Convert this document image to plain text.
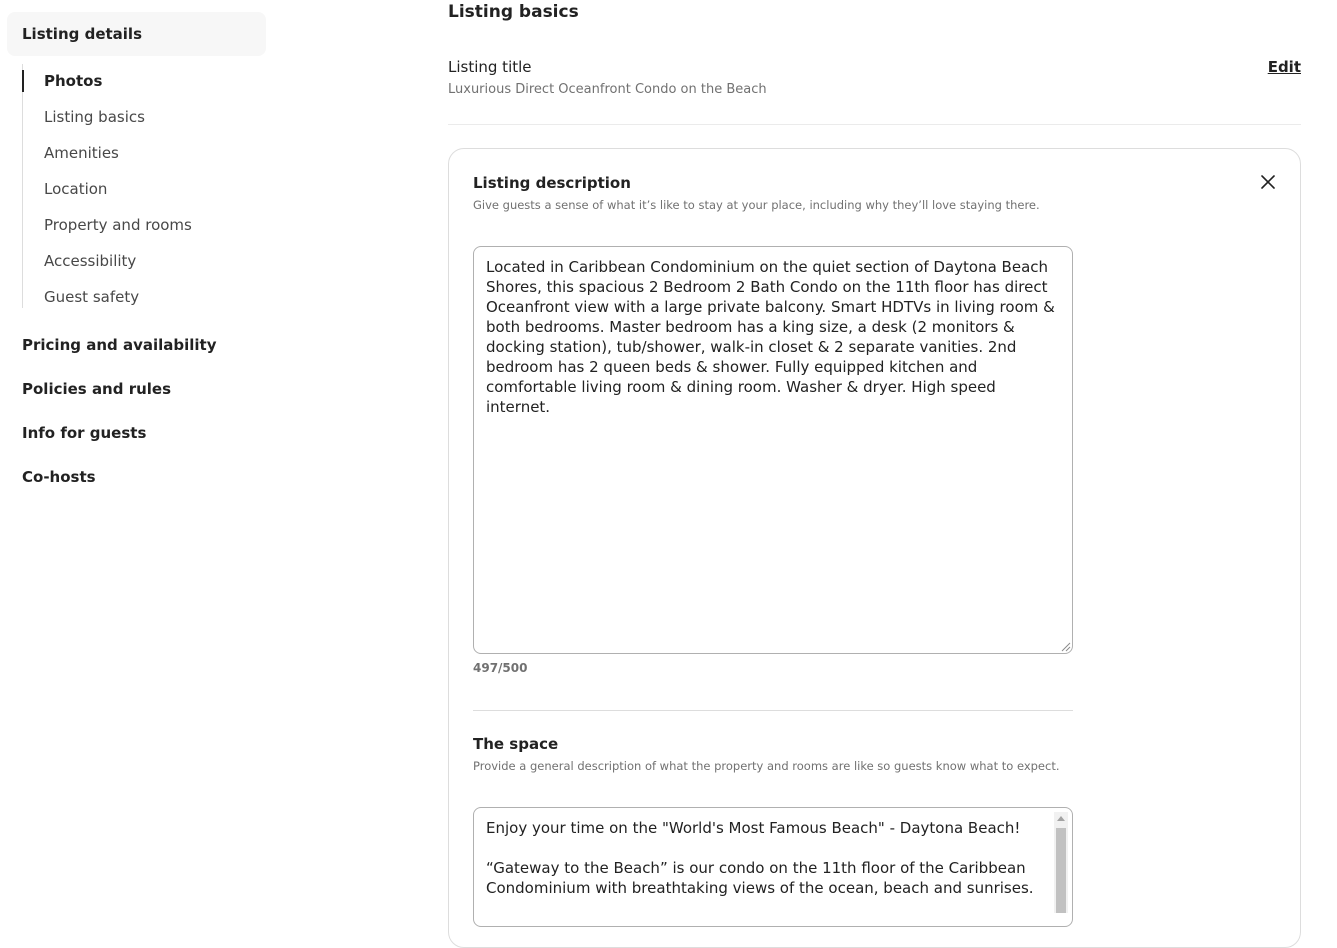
Listing details
Photos
Listing basics
Amenities
Location
Property and rooms
Accessibility
Guest safety
Pricing and availability
Policies and rules
Info for guests
Co-hosts
Listing basics
Listing title
Luxurious Direct Oceanfront Condo on the Beach
Edit
Listing description
Give guests a sense of what it’s like to stay at your place, including why they’ll love staying there.
Located in Caribbean Condominium on the quiet section of Daytona Beach Shores, this spacious 2 Bedroom 2 Bath Condo on the 11th floor has direct Oceanfront view with a large private balcony. Smart HDTVs in living room & both bedrooms. Master bedroom has a king size, a desk (2 monitors & docking station), tub/shower, walk-in closet & 2 separate vanities. 2nd bedroom has 2 queen beds & shower. Fully equipped kitchen and comfortable living room & dining room. Washer & dryer. High speed internet.
497/500
The space
Provide a general description of what the property and rooms are like so guests know what to expect.
Enjoy your time on the "World's Most Famous Beach" - Daytona Beach!

“Gateway to the Beach” is our condo on the 11th floor of the Caribbean Condominium with breathtaking views of the ocean, beach and sunrises.
